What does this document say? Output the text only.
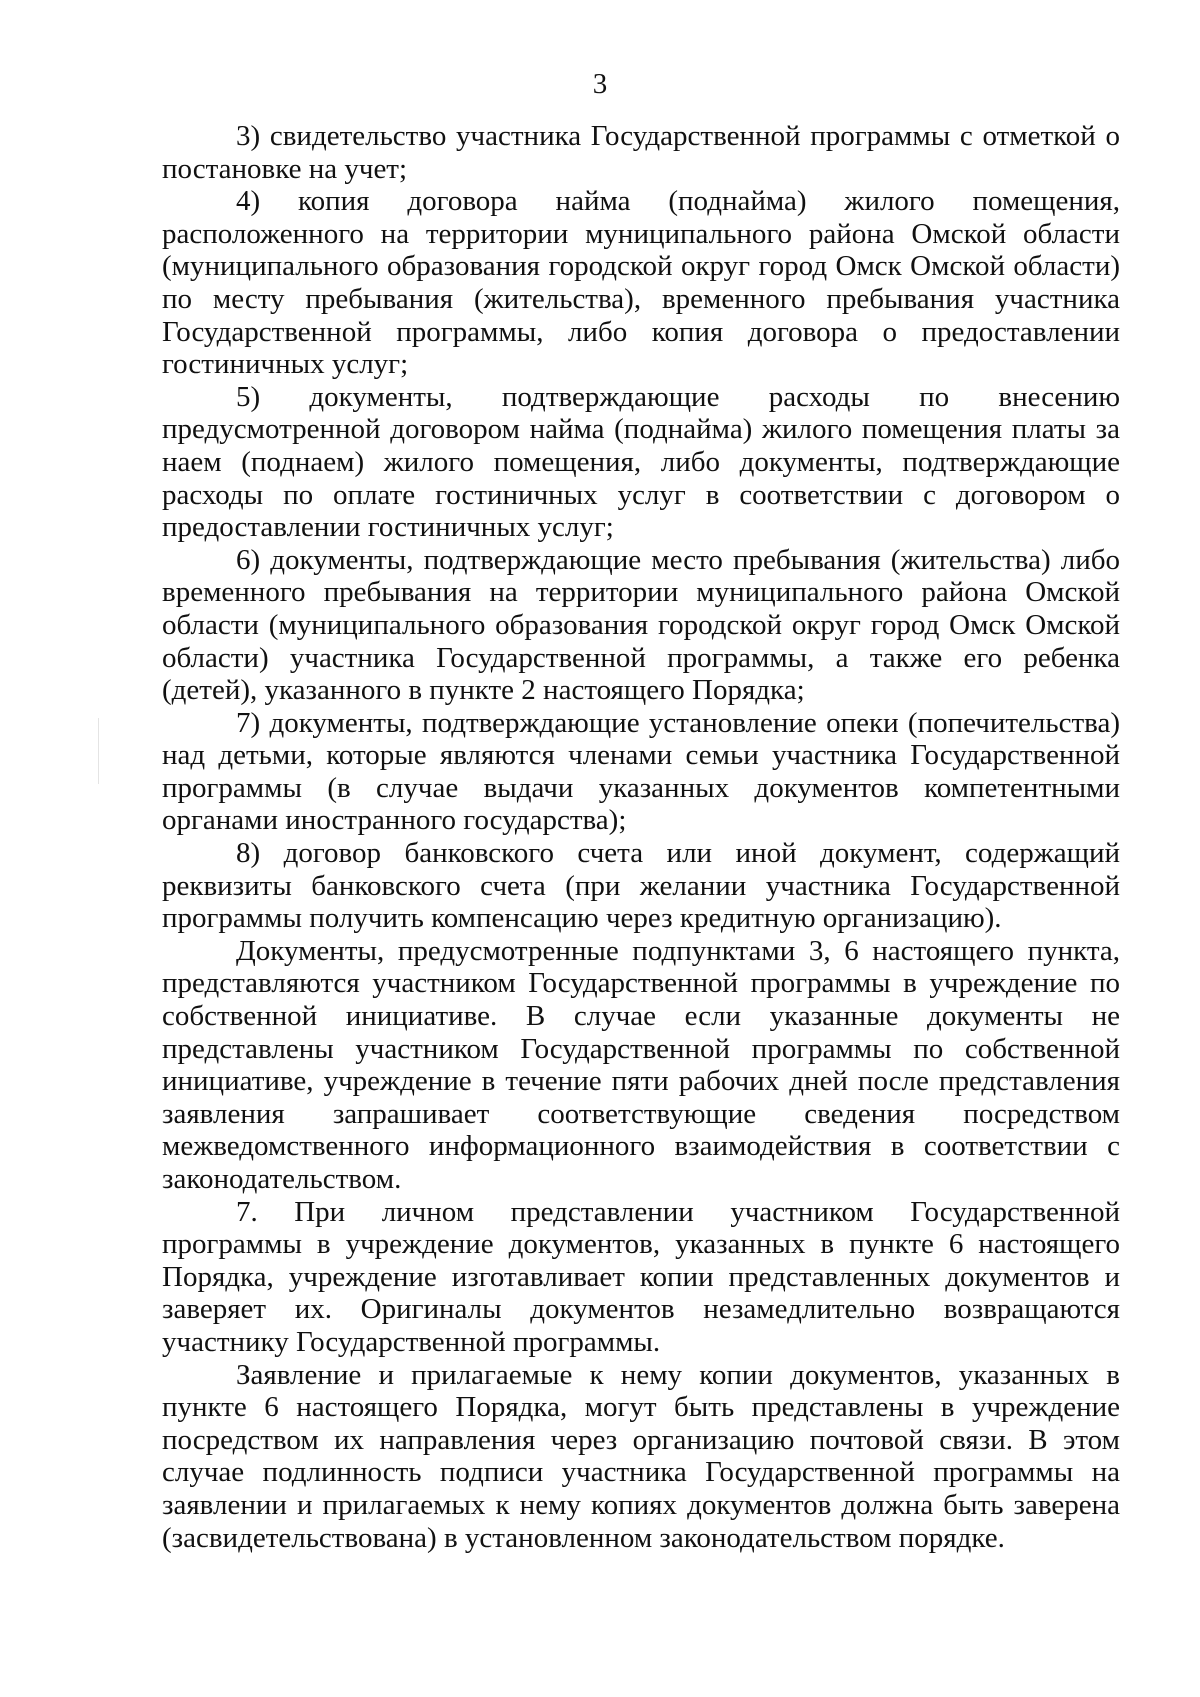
3

3) свидетельство участника Государственной программы с отметкой о постановке на учет;

4) копия договора найма (поднайма) жилого помещения, расположенного на территории муниципального района Омской области (муниципального образования городской округ город Омск Омской области) по месту пребывания (жительства), временного пребывания участника Государственной программы, либо копия договора о предоставлении гостиничных услуг;

5) документы, подтверждающие расходы по внесению предусмотренной договором найма (поднайма) жилого помещения платы за наем (поднаем) жилого помещения, либо документы, подтверждающие расходы по оплате гостиничных услуг в соответствии с договором о предоставлении гостиничных услуг;

6) документы, подтверждающие место пребывания (жительства) либо временного пребывания на территории муниципального района Омской области (муниципального образования городской округ город Омск Омской области) участника Государственной программы, а также его ребенка (детей), указанного в пункте 2 настоящего Порядка;

7) документы, подтверждающие установление опеки (попечительства) над детьми, которые являются членами семьи участника Государственной программы (в случае выдачи указанных документов компетентными органами иностранного государства);

8) договор банковского счета или иной документ, содержащий реквизиты банковского счета (при желании участника Государственной программы получить компенсацию через кредитную организацию).

Документы, предусмотренные подпунктами 3, 6 настоящего пункта, представляются участником Государственной программы в учреждение по собственной инициативе. В случае если указанные документы не представлены участником Государственной программы по собственной инициативе, учреждение в течение пяти рабочих дней после представления заявления запрашивает соответствующие сведения посредством межведомственного информационного взаимодействия в соответствии с законодательством.

7. При личном представлении участником Государственной программы в учреждение документов, указанных в пункте 6 настоящего Порядка, учреждение изготавливает копии представленных документов и заверяет их. Оригиналы документов незамедлительно возвращаются участнику Государственной программы.

Заявление и прилагаемые к нему копии документов, указанных в пункте 6 настоящего Порядка, могут быть представлены в учреждение посредством их направления через организацию почтовой связи. В этом случае подлинность подписи участника Государственной программы на заявлении и прилагаемых к нему копиях документов должна быть заверена (засвидетельствована) в установленном законодательством порядке.
